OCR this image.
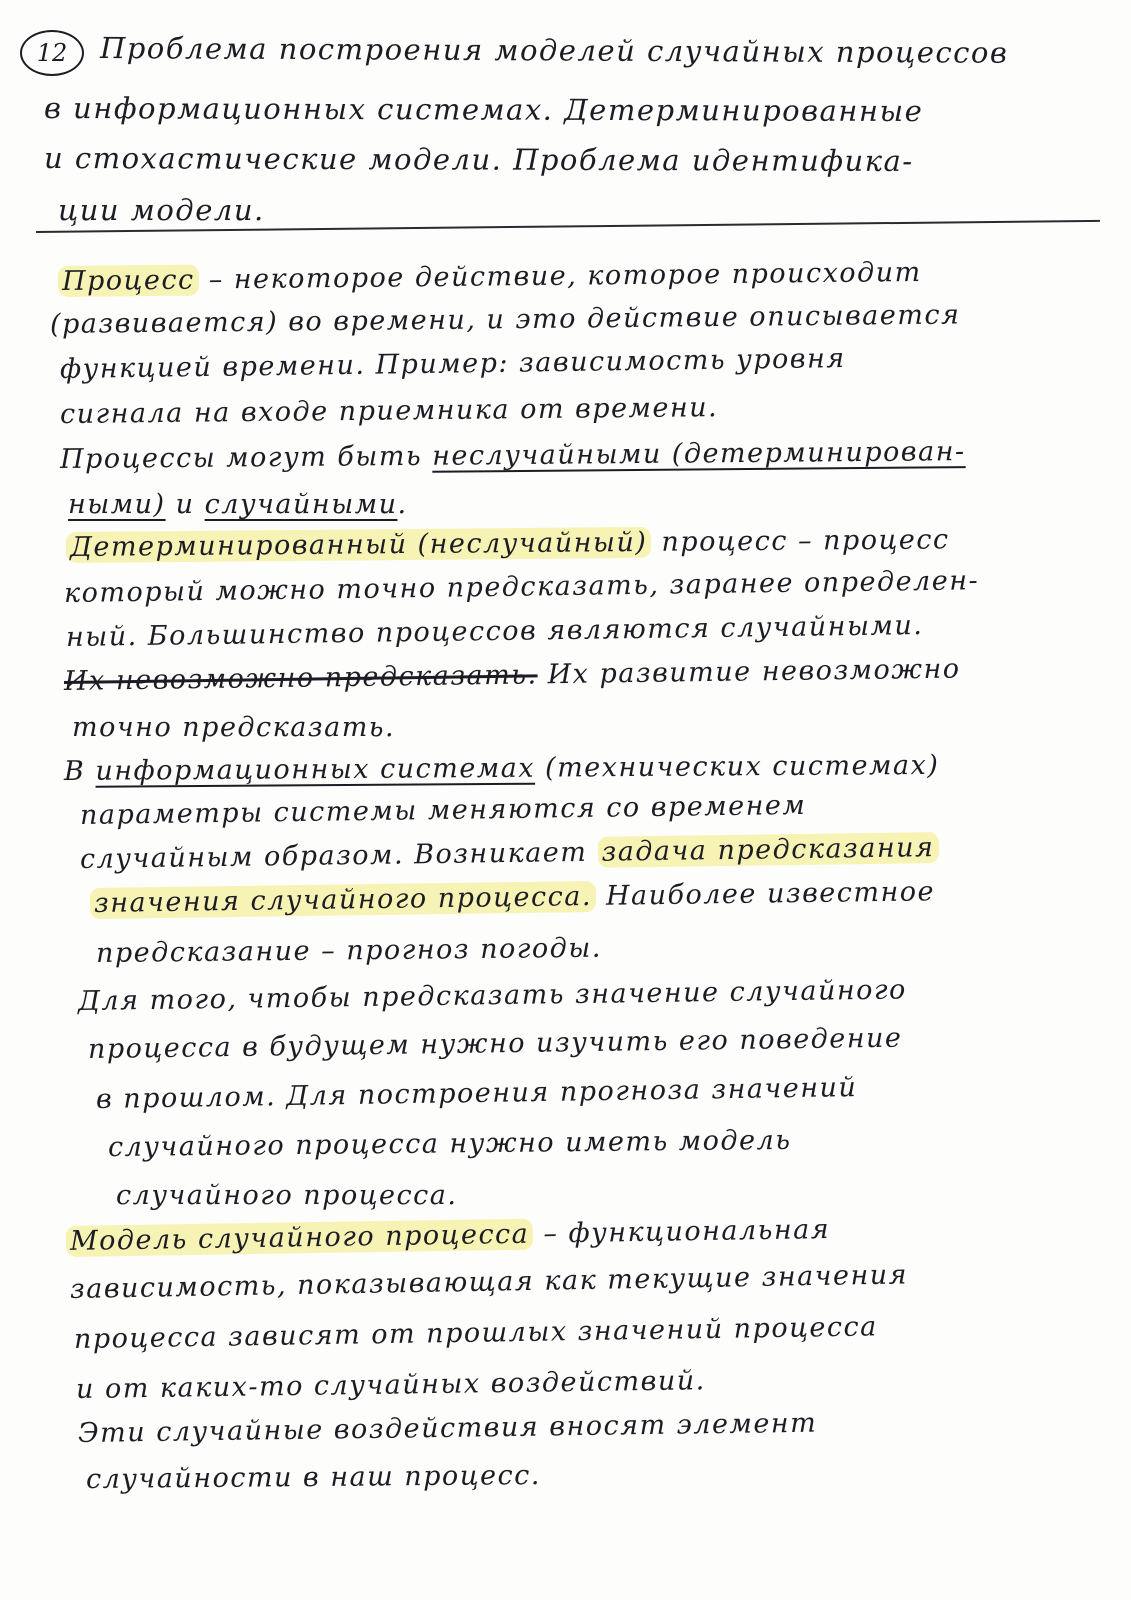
12	Проблема построения моделей случайных процессов
в информационных системах. Детерминированные
и стохастические модели. Проблема идентифика-
ции модели.
Процесс – некоторое действие, которое происходит
(развивается) во времени, и это действие описывается
функцией времени. Пример: зависимость уровня
сигнала на входе приемника от времени.
Процессы могут быть неслучайными (детерминирован-
ными) и случайными.
Детерминированный (неслучайный) процесс – процесс
который можно точно предсказать, заранее определен-
ный. Большинство процессов являются случайными.
Их невозможно предсказать. Их развитие невозможно
точно предсказать.
В информационных системах (технических системах)
параметры системы меняются со временем
случайным образом. Возникает задача предсказания
значения случайного процесса. Наиболее известное
предсказание – прогноз погоды.
Для того, чтобы предсказать значение случайного
процесса в будущем нужно изучить его поведение
в прошлом. Для построения прогноза значений
случайного процесса нужно иметь модель
случайного процесса.
Модель случайного процесса – функциональная
зависимость, показывающая как текущие значения
процесса зависят от прошлых значений процесса
и от каких-то случайных воздействий.
Эти случайные воздействия вносят элемент
случайности в наш процесс.
